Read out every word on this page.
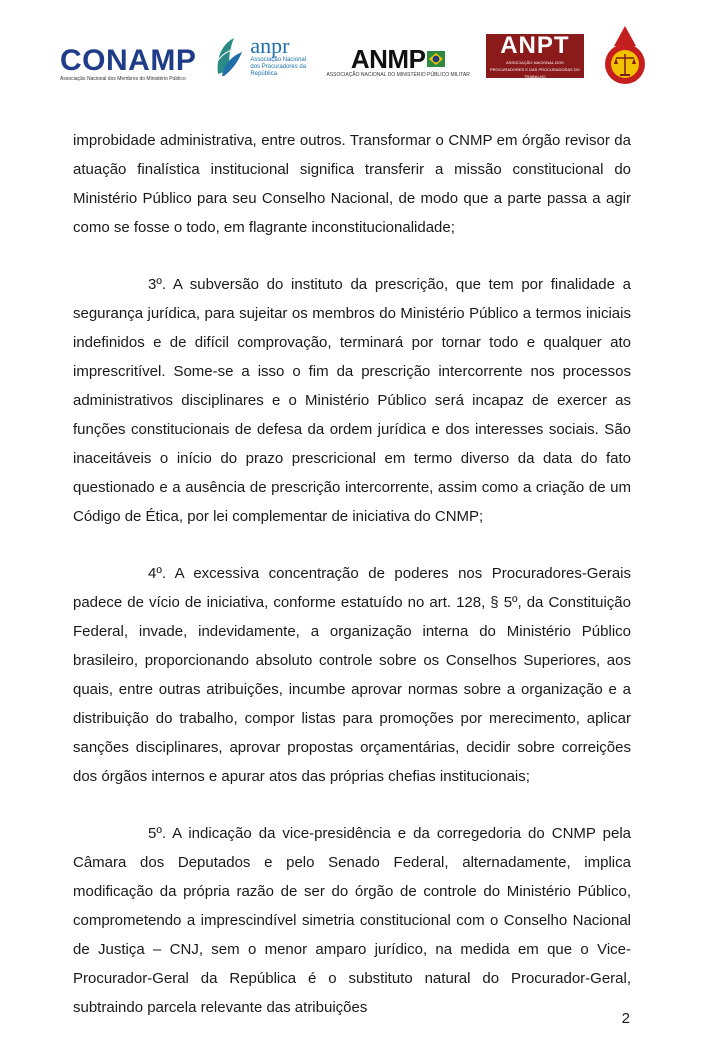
CONAMP
Associação Nacional dos Membros do Ministério Público
anpr
Associação Nacional dos Procuradores da República	ANMP
ASSOCIAÇÃO NACIONAL DO MINISTÉRIO PÚBLICO MILITAR
ANPT
ASSOCIAÇÃO NACIONAL DOS PROCURADORES E DAS PROCURADORAS DO TRABALHO

improbidade administrativa, entre outros. Transformar o CNMP em órgão revisor da atuação finalística institucional significa transferir a missão constitucional do Ministério Público para seu Conselho Nacional, de modo que a parte passa a agir como se fosse o todo, em flagrante inconstitucionalidade;

3º. A subversão do instituto da prescrição, que tem por finalidade a segurança jurídica, para sujeitar os membros do Ministério Público a termos iniciais indefinidos e de difícil comprovação, terminará por tornar todo e qualquer ato imprescritível. Some-se a isso o fim da prescrição intercorrente nos processos administrativos disciplinares e o Ministério Público será incapaz de exercer as funções constitucionais de defesa da ordem jurídica e dos interesses sociais. São inaceitáveis o início do prazo prescricional em termo diverso da data do fato questionado e a ausência de prescrição intercorrente, assim como a criação de um Código de Ética, por lei complementar de iniciativa do CNMP;

4º. A excessiva concentração de poderes nos Procuradores-Gerais padece de vício de iniciativa, conforme estatuído no art. 128, § 5º, da Constituição Federal, invade, indevidamente, a organização interna do Ministério Público brasileiro, proporcionando absoluto controle sobre os Conselhos Superiores, aos quais, entre outras atribuições, incumbe aprovar normas sobre a organização e a distribuição do trabalho, compor listas para promoções por merecimento, aplicar sanções disciplinares, aprovar propostas orçamentárias, decidir sobre correições dos órgãos internos e apurar atos das próprias chefias institucionais;

5º. A indicação da vice-presidência e da corregedoria do CNMP pela Câmara dos Deputados e pelo Senado Federal, alternadamente, implica modificação da própria razão de ser do órgão de controle do Ministério Público, comprometendo a imprescindível simetria constitucional com o Conselho Nacional de Justiça – CNJ, sem o menor amparo jurídico, na medida em que o Vice-Procurador-Geral da República é o substituto natural do Procurador-Geral, subtraindo parcela relevante das atribuições

2
